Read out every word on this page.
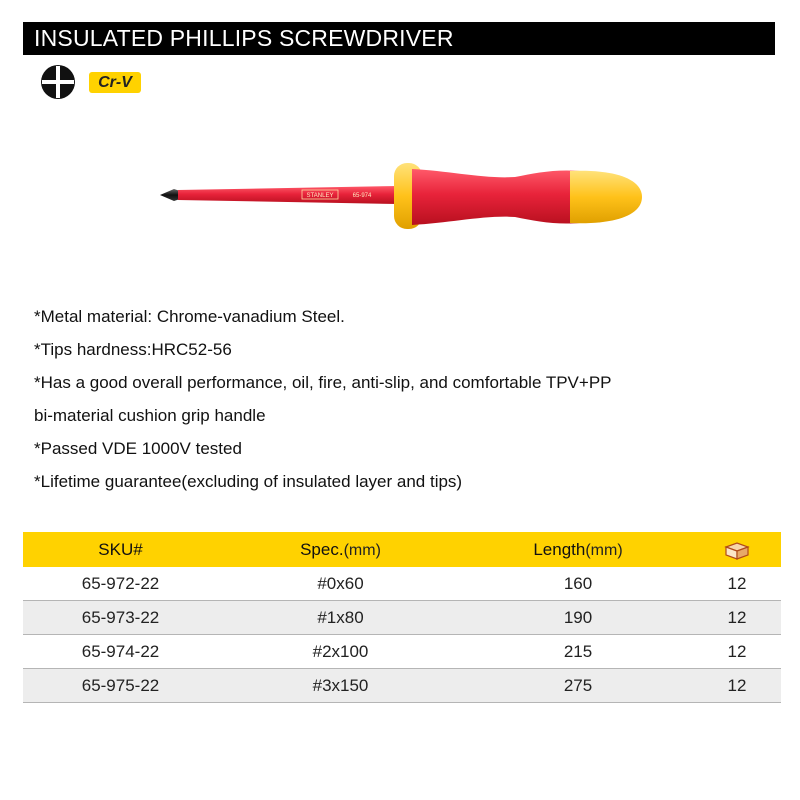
INSULATED PHILLIPS SCREWDRIVER
Cr-V
STANLEY	65-974
*Metal material: Chrome-vanadium Steel.
*Tips hardness:HRC52-56
*Has a good overall performance, oil, fire, anti-slip, and comfortable TPV+PP
bi-material cushion grip handle
*Passed VDE 1000V tested
*Lifetime guarantee(excluding of insulated layer and tips)
SKU#	Spec.(mm)	Length(mm)	
65-972-22	#0x60	160	12
65-973-22	#1x80	190	12
65-974-22	#2x100	215	12
65-975-22	#3x150	275	12
